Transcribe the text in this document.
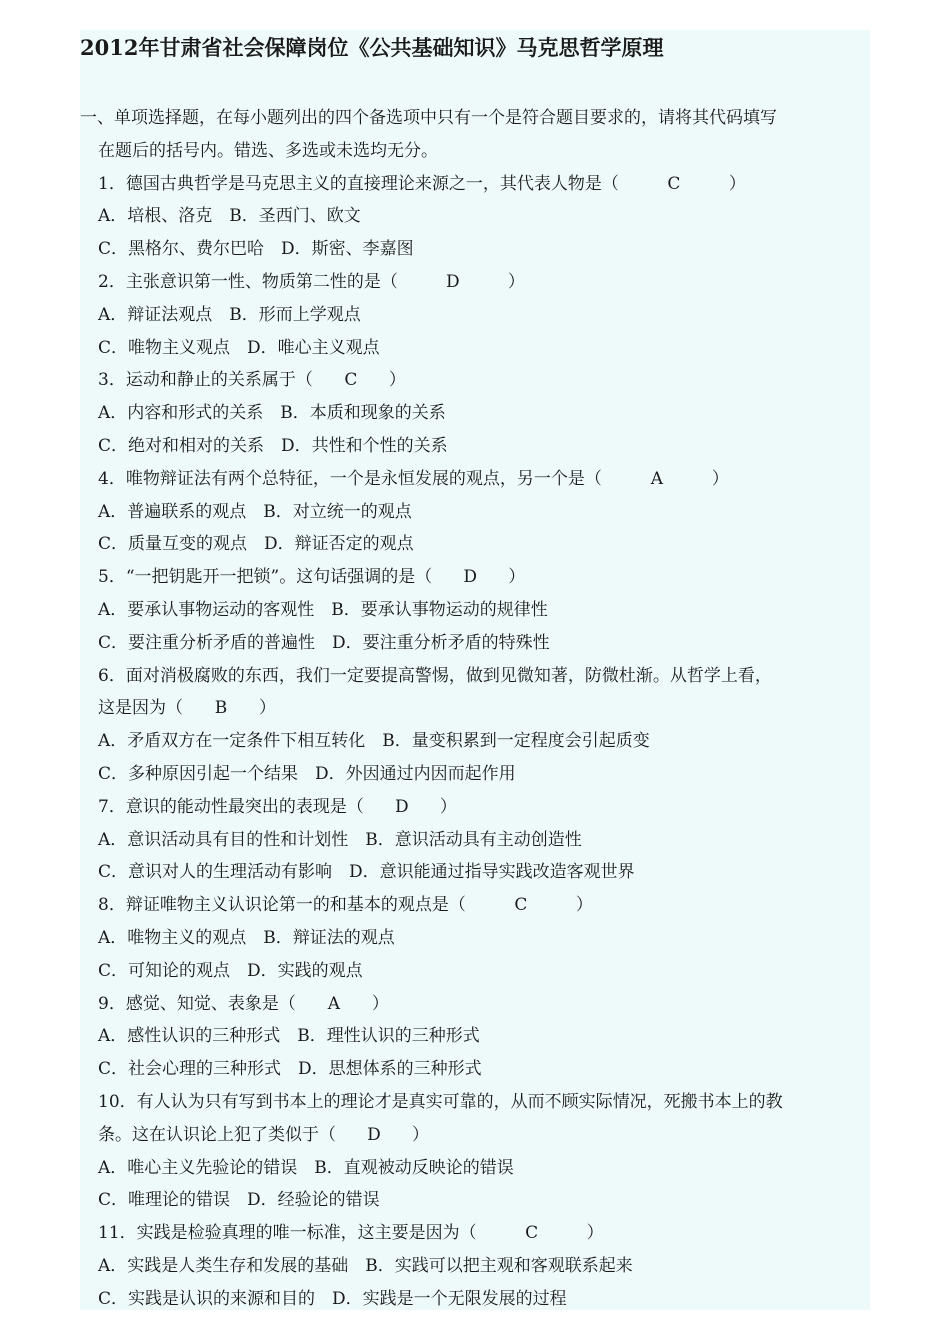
2012年甘肃省社会保障岗位《公共基础知识》马克思哲学原理
一、单项选择题，在每小题列出的四个备选项中只有一个是符合题目要求的，请将其代码填写
在题后的括号内。错选、多选或未选均无分。
1．德国古典哲学是马克思主义的直接理论来源之一，其代表人物是（	C	）
A．培根、洛克　B．圣西门、欧文
C．黑格尔、费尔巴哈　D．斯密、李嘉图
2．主张意识第一性、物质第二性的是（	D	）
A．辩证法观点　B．形而上学观点
C．唯物主义观点　D．唯心主义观点
3．运动和静止的关系属于（ C ）
A．内容和形式的关系　B．本质和现象的关系
C．绝对和相对的关系　D．共性和个性的关系
4．唯物辩证法有两个总特征，一个是永恒发展的观点，另一个是（	A	）
A．普遍联系的观点　B．对立统一的观点
C．质量互变的观点　D．辩证否定的观点
5．“一把钥匙开一把锁”。这句话强调的是（ D ）
A．要承认事物运动的客观性　B．要承认事物运动的规律性
C．要注重分析矛盾的普遍性　D．要注重分析矛盾的特殊性
6．面对消极腐败的东西，我们一定要提高警惕，做到见微知著，防微杜渐。从哲学上看，
这是因为（ B ）
A．矛盾双方在一定条件下相互转化　B．量变积累到一定程度会引起质变
C．多种原因引起一个结果　D．外因通过内因而起作用
7．意识的能动性最突出的表现是（ D ）
A．意识活动具有目的性和计划性　B．意识活动具有主动创造性
C．意识对人的生理活动有影响　D．意识能通过指导实践改造客观世界
8．辩证唯物主义认识论第一的和基本的观点是（	C	）
A．唯物主义的观点　B．辩证法的观点
C．可知论的观点　D．实践的观点
9．感觉、知觉、表象是（ A ）
A．感性认识的三种形式　B．理性认识的三种形式
C．社会心理的三种形式　D．思想体系的三种形式
10．有人认为只有写到书本上的理论才是真实可靠的，从而不顾实际情况，死搬书本上的教
条。这在认识论上犯了类似于（ D ）
A．唯心主义先验论的错误　B．直观被动反映论的错误
C．唯理论的错误　D．经验论的错误
11．实践是检验真理的唯一标准，这主要是因为（	C	）
A．实践是人类生存和发展的基础　B．实践可以把主观和客观联系起来
C．实践是认识的来源和目的　D．实践是一个无限发展的过程
